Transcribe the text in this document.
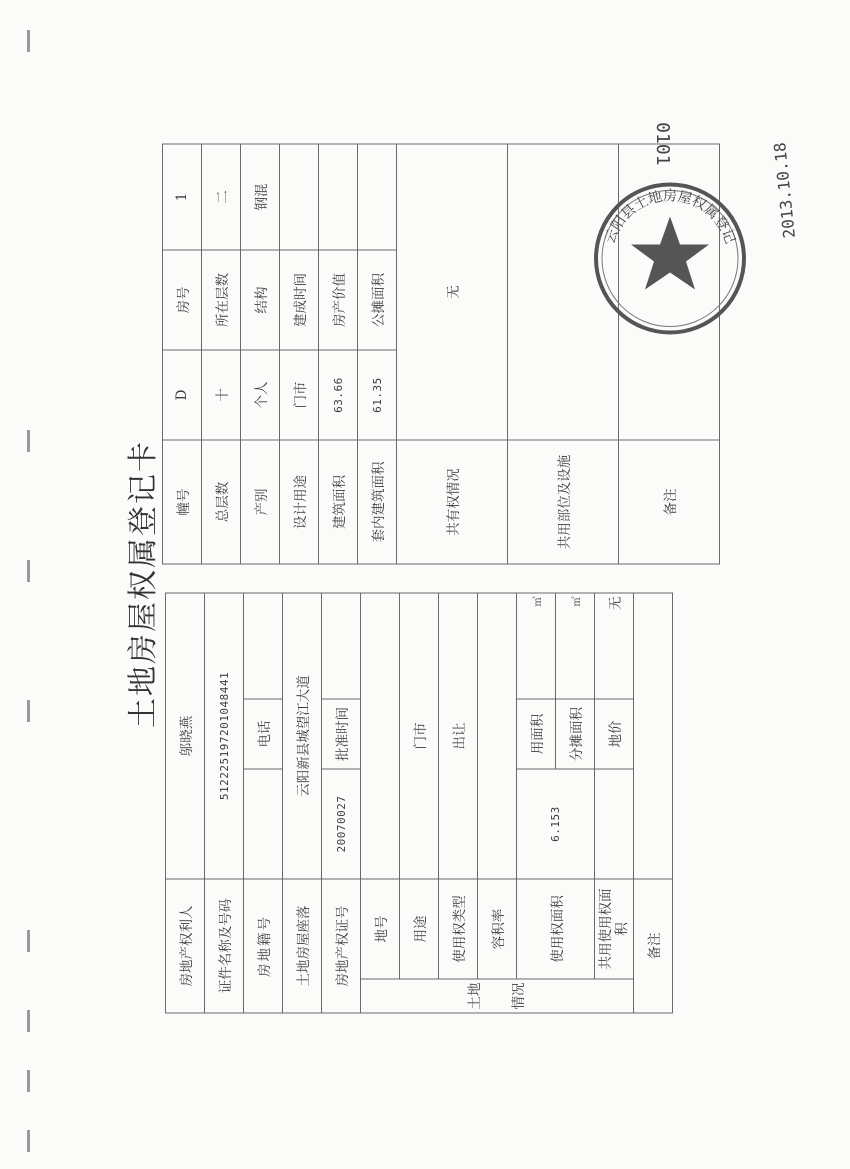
土地房屋权属登记卡
0101
房地产权利人		邬晓燕		
证件名称及号码		512225197201048441		
房地籍号			电话	
土地房屋座落		云阳新县城望江大道		
房地产权证号		20070027	批准时间	
土地情况	地号			
	用途	门市		
	使用权类型	出让		
	容积率			
	使用权面积	6.153	用面积	㎡
			分摊面积	㎡
	共用使用权面积		地价	无
备注				
幢号	D	房号	1
总层数	十	所在层数	二
产别	个人	结构	钢混
设计用途	门市	建成时间	
建筑面积	63.66	房产价值	
套内建筑面积	61.35	公摊面积	
共有权情况	无		
共用部位及设施			
备注			
云阳县土地房屋权属登记 2013.10.18
